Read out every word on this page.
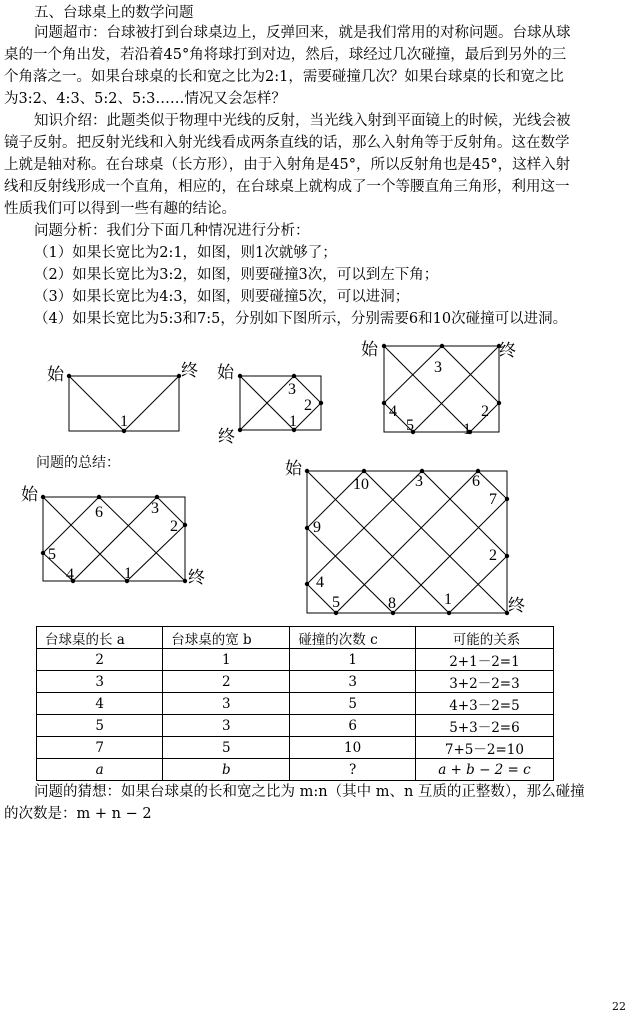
五、台球桌上的数学问题
问题超市：台球被打到台球桌边上，反弹回来，就是我们常用的对称问题。台球从球
桌的一个角出发，若沿着45°角将球打到对边，然后，球经过几次碰撞，最后到另外的三
个角落之一。如果台球桌的长和宽之比为2:1，需要碰撞几次？如果台球桌的长和宽之比
为3:2、4:3、5:2、5:3……情况又会怎样？
知识介绍：此题类似于物理中光线的反射，当光线入射到平面镜上的时候，光线会被
镜子反射。把反射光线和入射光线看成两条直线的话，那么入射角等于反射角。这在数学
上就是轴对称。在台球桌（长方形），由于入射角是45°，所以反射角也是45°，这样入射
线和反射线形成一个直角，相应的，在台球桌上就构成了一个等腰直角三角形，利用这一
性质我们可以得到一些有趣的结论。
问题分析：我们分下面几种情况进行分析：
（1）如果长宽比为2:1，如图，则1次就够了；
（2）如果长宽比为3:2，如图，则要碰撞3次，可以到左下角；
（3）如果长宽比为4:3，如图，则要碰撞5次，可以进洞；
（4）如果长宽比为5:3和7:5，分别如下图所示，分别需要6和10次碰撞可以进洞。
始	终 始
终
始	终
始
终
始
终
问题的总结：
1
3
2
1
3
4	2
5	1
6	3
2
5
4	1
10	3	6
7
9
2
4
5	8	1
台球桌的长 a	台球桌的宽 b	碰撞的次数 c	可能的关系
2	1	1	2+1－2=1
3	2	3	3+2－2=3
4	3	5	4+3－2=5
5	3	6	5+3－2=6
7	5	10	7+5－2=10
a	b	?	a + b − 2 = c
问题的猜想：如果台球桌的长和宽之比为 m:n（其中 m、n 互质的正整数），那么碰撞
的次数是：m + n − 2
22
